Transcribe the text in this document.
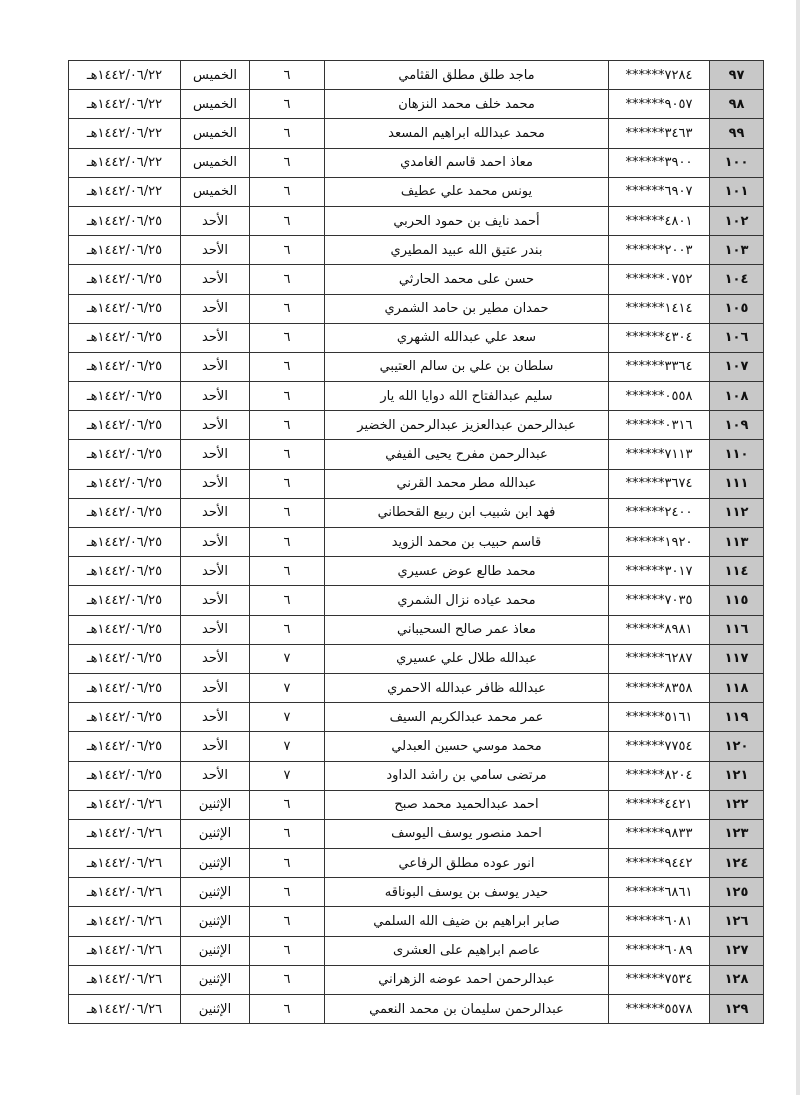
٩٧	******٧٢٨٤	ماجد طلق مطلق القثامي	٦	الخميس	١٤٤٢/٠٦/٢٢هـ
٩٨	******٩٠٥٧	محمد خلف محمد النزهان	٦	الخميس	١٤٤٢/٠٦/٢٢هـ
٩٩	******٣٤٦٣	محمد عبدالله ابراهيم المسعد	٦	الخميس	١٤٤٢/٠٦/٢٢هـ
١٠٠	******٣٩٠٠	معاذ احمد قاسم الغامدي	٦	الخميس	١٤٤٢/٠٦/٢٢هـ
١٠١	******٦٩٠٧	يونس محمد علي عطيف	٦	الخميس	١٤٤٢/٠٦/٢٢هـ
١٠٢	******٤٨٠١	أحمد نايف بن حمود الحربي	٦	الأحد	١٤٤٢/٠٦/٢٥هـ
١٠٣	******٢٠٠٣	بندر عتيق الله عبيد المطيري	٦	الأحد	١٤٤٢/٠٦/٢٥هـ
١٠٤	******٠٧٥٢	حسن على محمد الحارثي	٦	الأحد	١٤٤٢/٠٦/٢٥هـ
١٠٥	******١٤١٤	حمدان مطير بن حامد الشمري	٦	الأحد	١٤٤٢/٠٦/٢٥هـ
١٠٦	******٤٣٠٤	سعد علي عبدالله الشهري	٦	الأحد	١٤٤٢/٠٦/٢٥هـ
١٠٧	******٣٣٦٤	سلطان بن علي بن سالم العتيبي	٦	الأحد	١٤٤٢/٠٦/٢٥هـ
١٠٨	******٠٥٥٨	سليم عبدالفتاح الله دوايا الله يار	٦	الأحد	١٤٤٢/٠٦/٢٥هـ
١٠٩	******٠٣١٦	عبدالرحمن عبدالعزيز عبدالرحمن الخضير	٦	الأحد	١٤٤٢/٠٦/٢٥هـ
١١٠	******٧١١٣	عبدالرحمن مفرح يحيى الفيفي	٦	الأحد	١٤٤٢/٠٦/٢٥هـ
١١١	******٣٦٧٤	عبدالله مطر محمد القرني	٦	الأحد	١٤٤٢/٠٦/٢٥هـ
١١٢	******٢٤٠٠	فهد ابن شبيب ابن ربيع القحطاني	٦	الأحد	١٤٤٢/٠٦/٢٥هـ
١١٣	******١٩٢٠	قاسم حبيب بن محمد الزويد	٦	الأحد	١٤٤٢/٠٦/٢٥هـ
١١٤	******٣٠١٧	محمد طالع عوض عسيري	٦	الأحد	١٤٤٢/٠٦/٢٥هـ
١١٥	******٧٠٣٥	محمد عياده نزال الشمري	٦	الأحد	١٤٤٢/٠٦/٢٥هـ
١١٦	******٨٩٨١	معاذ عمر صالح السحيباني	٦	الأحد	١٤٤٢/٠٦/٢٥هـ
١١٧	******٦٢٨٧	عبدالله طلال علي عسيري	٧	الأحد	١٤٤٢/٠٦/٢٥هـ
١١٨	******٨٣٥٨	عبدالله ظافر عبدالله الاحمري	٧	الأحد	١٤٤٢/٠٦/٢٥هـ
١١٩	******٥١٦١	عمر محمد عبدالكريم السيف	٧	الأحد	١٤٤٢/٠٦/٢٥هـ
١٢٠	******٧٧٥٤	محمد موسي حسين العبدلي	٧	الأحد	١٤٤٢/٠٦/٢٥هـ
١٢١	******٨٢٠٤	مرتضى سامي بن راشد الداود	٧	الأحد	١٤٤٢/٠٦/٢٥هـ
١٢٢	******٤٤٢١	احمد عبدالحميد محمد صبح	٦	الإثنين	١٤٤٢/٠٦/٢٦هـ
١٢٣	******٩٨٣٣	احمد منصور يوسف اليوسف	٦	الإثنين	١٤٤٢/٠٦/٢٦هـ
١٢٤	******٩٤٤٢	انور عوده مطلق الرفاعي	٦	الإثنين	١٤٤٢/٠٦/٢٦هـ
١٢٥	******٦٨٦١	حيدر يوسف بن يوسف البوناقه	٦	الإثنين	١٤٤٢/٠٦/٢٦هـ
١٢٦	******٦٠٨١	صابر ابراهيم بن ضيف الله السلمي	٦	الإثنين	١٤٤٢/٠٦/٢٦هـ
١٢٧	******٦٠٨٩	عاصم ابراهيم على العشرى	٦	الإثنين	١٤٤٢/٠٦/٢٦هـ
١٢٨	******٧٥٣٤	عبدالرحمن احمد عوضه الزهراني	٦	الإثنين	١٤٤٢/٠٦/٢٦هـ
١٢٩	******٥٥٧٨	عبدالرحمن سليمان بن محمد النعمي	٦	الإثنين	١٤٤٢/٠٦/٢٦هـ
